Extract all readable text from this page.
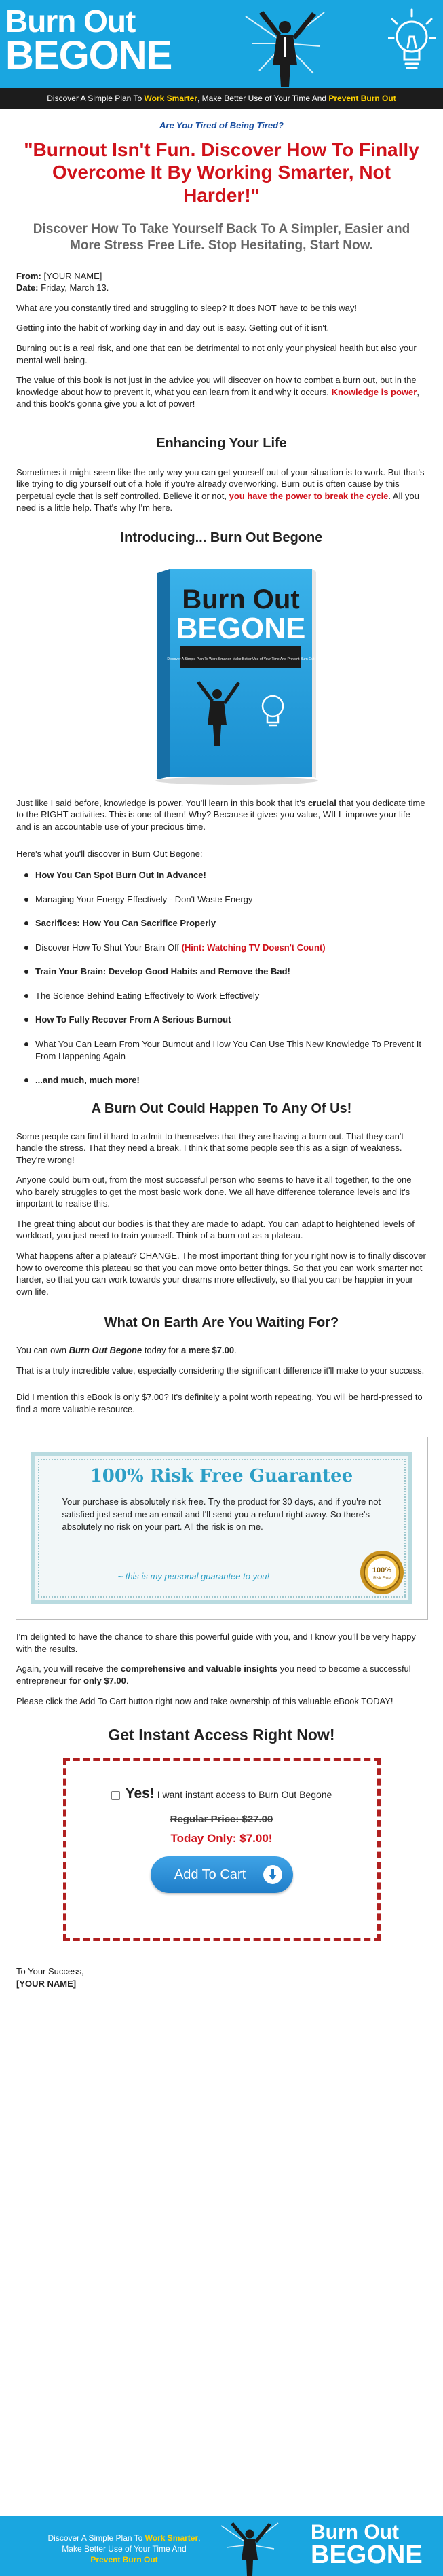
Burn Out
BEGONE
Discover A Simple Plan To Work Smarter, Make Better Use of Your Time And Prevent Burn Out
Are You Tired of Being Tired?
"Burnout Isn't Fun. Discover How To Finally Overcome It By Working Smarter, Not Harder!"
Discover How To Take Yourself Back To A Simpler, Easier and More Stress Free Life. Stop Hesitating, Start Now.

From: [YOUR NAME]
Date: Friday, March 13.

What are you constantly tired and struggling to sleep? It does NOT have to be this way!

Getting into the habit of working day in and day out is easy. Getting out of it isn't.

Burning out is a real risk, and one that can be detrimental to not only your physical health but also your mental well-being.

The value of this book is not just in the advice you will discover on how to combat a burn out, but in the knowledge about how to prevent it, what you can learn from it and why it occurs. Knowledge is power, and this book's gonna give you a lot of power!

Enhancing Your Life

Sometimes it might seem like the only way you can get yourself out of your situation is to work. But that's like trying to dig yourself out of a hole if you're already overworking. Burn out is often cause by this perpetual cycle that is self controlled. Believe it or not, you have the power to break the cycle. All you need is a little help. That's why I'm here.

Introducing... Burn Out Begone
Burn Out
BEGONE
Discover A Simple Plan To Work Smarter, Make Better Use of Your Time And Prevent Burn Out

Just like I said before, knowledge is power. You'll learn in this book that it's crucial that you dedicate time to the RIGHT activities. This is one of them! Why? Because it gives you value, WILL improve your life and is an accountable use of your precious time.

Here's what you'll discover in Burn Out Begone:

How You Can Spot Burn Out In Advance!
Managing Your Energy Effectively - Don't Waste Energy
Sacrifices: How You Can Sacrifice Properly
Discover How To Shut Your Brain Off (Hint: Watching TV Doesn't Count)
Train Your Brain: Develop Good Habits and Remove the Bad!
The Science Behind Eating Effectively to Work Effectively
How To Fully Recover From A Serious Burnout
What You Can Learn From Your Burnout and How You Can Use This New Knowledge To Prevent It From Happening Again
...and much, much more!
A Burn Out Could Happen To Any Of Us!

Some people can find it hard to admit to themselves that they are having a burn out. That they can't handle the stress. That they need a break. I think that some people see this as a sign of weakness. They're wrong!

Anyone could burn out, from the most successful person who seems to have it all together, to the one who barely struggles to get the most basic work done. We all have difference tolerance levels and it's important to realise this.

The great thing about our bodies is that they are made to adapt. You can adapt to heightened levels of workload, you just need to train yourself. Think of a burn out as a plateau.

What happens after a plateau? CHANGE. The most important thing for you right now is to finally discover how to overcome this plateau so that you can move onto better things. So that you can work smarter not harder, so that you can work towards your dreams more effectively, so that you can be happier in your own life.

What On Earth Are You Waiting For?

You can own Burn Out Begone today for a mere $7.00.

That is a truly incredible value, especially considering the significant difference it'll make to your success.

Did I mention this eBook is only $7.00? It's definitely a point worth repeating. You will be hard-pressed to find a more valuable resource.

100% Risk Free Guarantee
Your purchase is absolutely risk free. Try the product for 30 days, and if you're not satisfied just send me an email and I'll send you a refund right away. So there's absolutely no risk on your part. All the risk is on me.
~ this is my personal guarantee to you!
100%
Risk Free

I'm delighted to have the chance to share this powerful guide with you, and I know you'll be very happy with the results.

Again, you will receive the comprehensive and valuable insights you need to become a successful entrepreneur for only $7.00.

Please click the Add To Cart button right now and take ownership of this valuable eBook TODAY!

Get Instant Access Right Now!
Yes! I want instant access to Burn Out Begone
Regular Price: $27.00
Today Only: $7.00!
Add To Cart

To Your Success,
[YOUR NAME]

Discover A Simple Plan To Work Smarter, Make Better Use of Your Time And Prevent Burn Out
Burn Out
BEGONE
